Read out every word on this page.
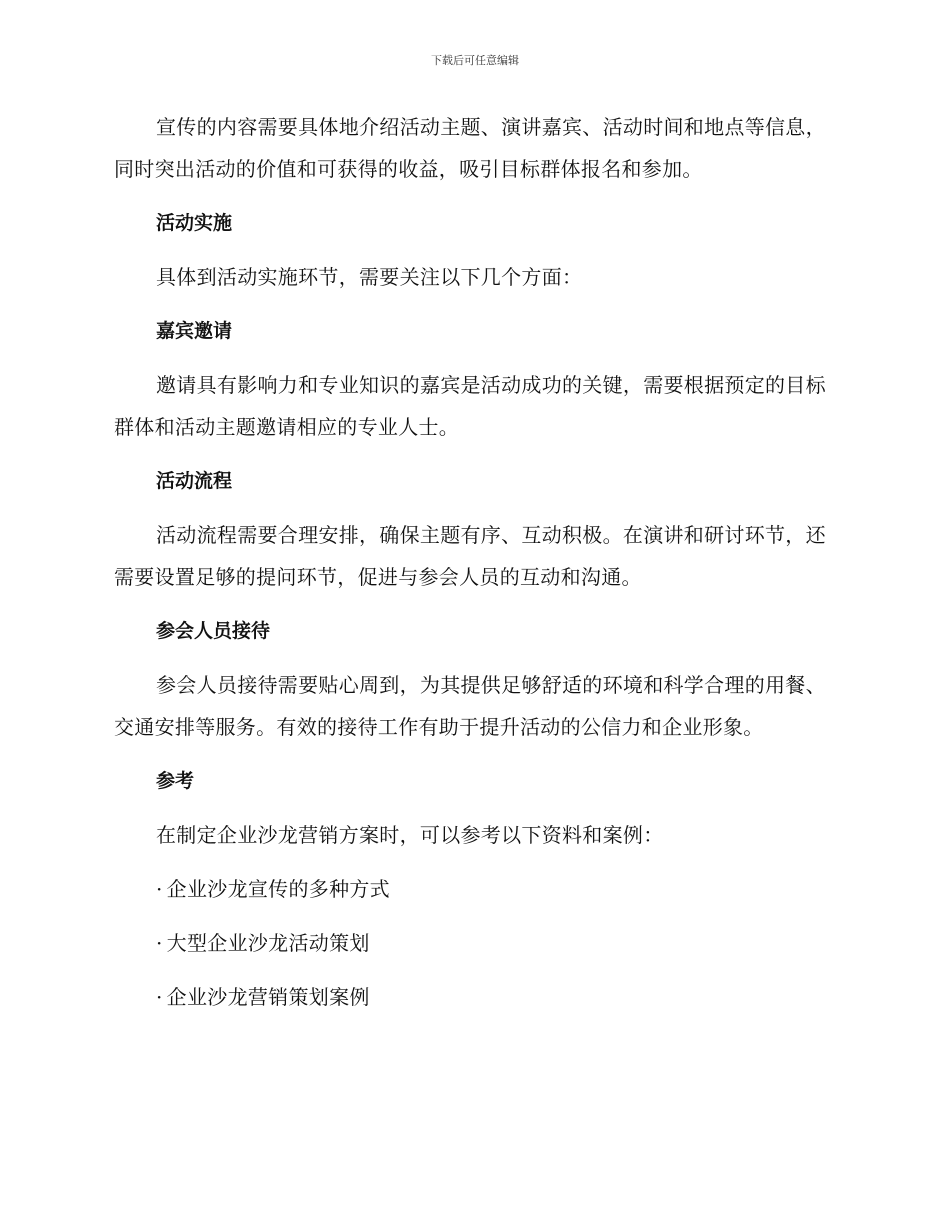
下载后可任意编辑

宣传的内容需要具体地介绍活动主题、演讲嘉宾、活动时间和地点等信息，同时突出活动的价值和可获得的收益，吸引目标群体报名和参加。

活动实施

具体到活动实施环节，需要关注以下几个方面：

嘉宾邀请

邀请具有影响力和专业知识的嘉宾是活动成功的关键，需要根据预定的目标群体和活动主题邀请相应的专业人士。

活动流程

活动流程需要合理安排，确保主题有序、互动积极。在演讲和研讨环节，还需要设置足够的提问环节，促进与参会人员的互动和沟通。

参会人员接待

参会人员接待需要贴心周到，为其提供足够舒适的环境和科学合理的用餐、交通安排等服务。有效的接待工作有助于提升活动的公信力和企业形象。

参考

在制定企业沙龙营销方案时，可以参考以下资料和案例：

· 企业沙龙宣传的多种方式
· 大型企业沙龙活动策划
· 企业沙龙营销策划案例
